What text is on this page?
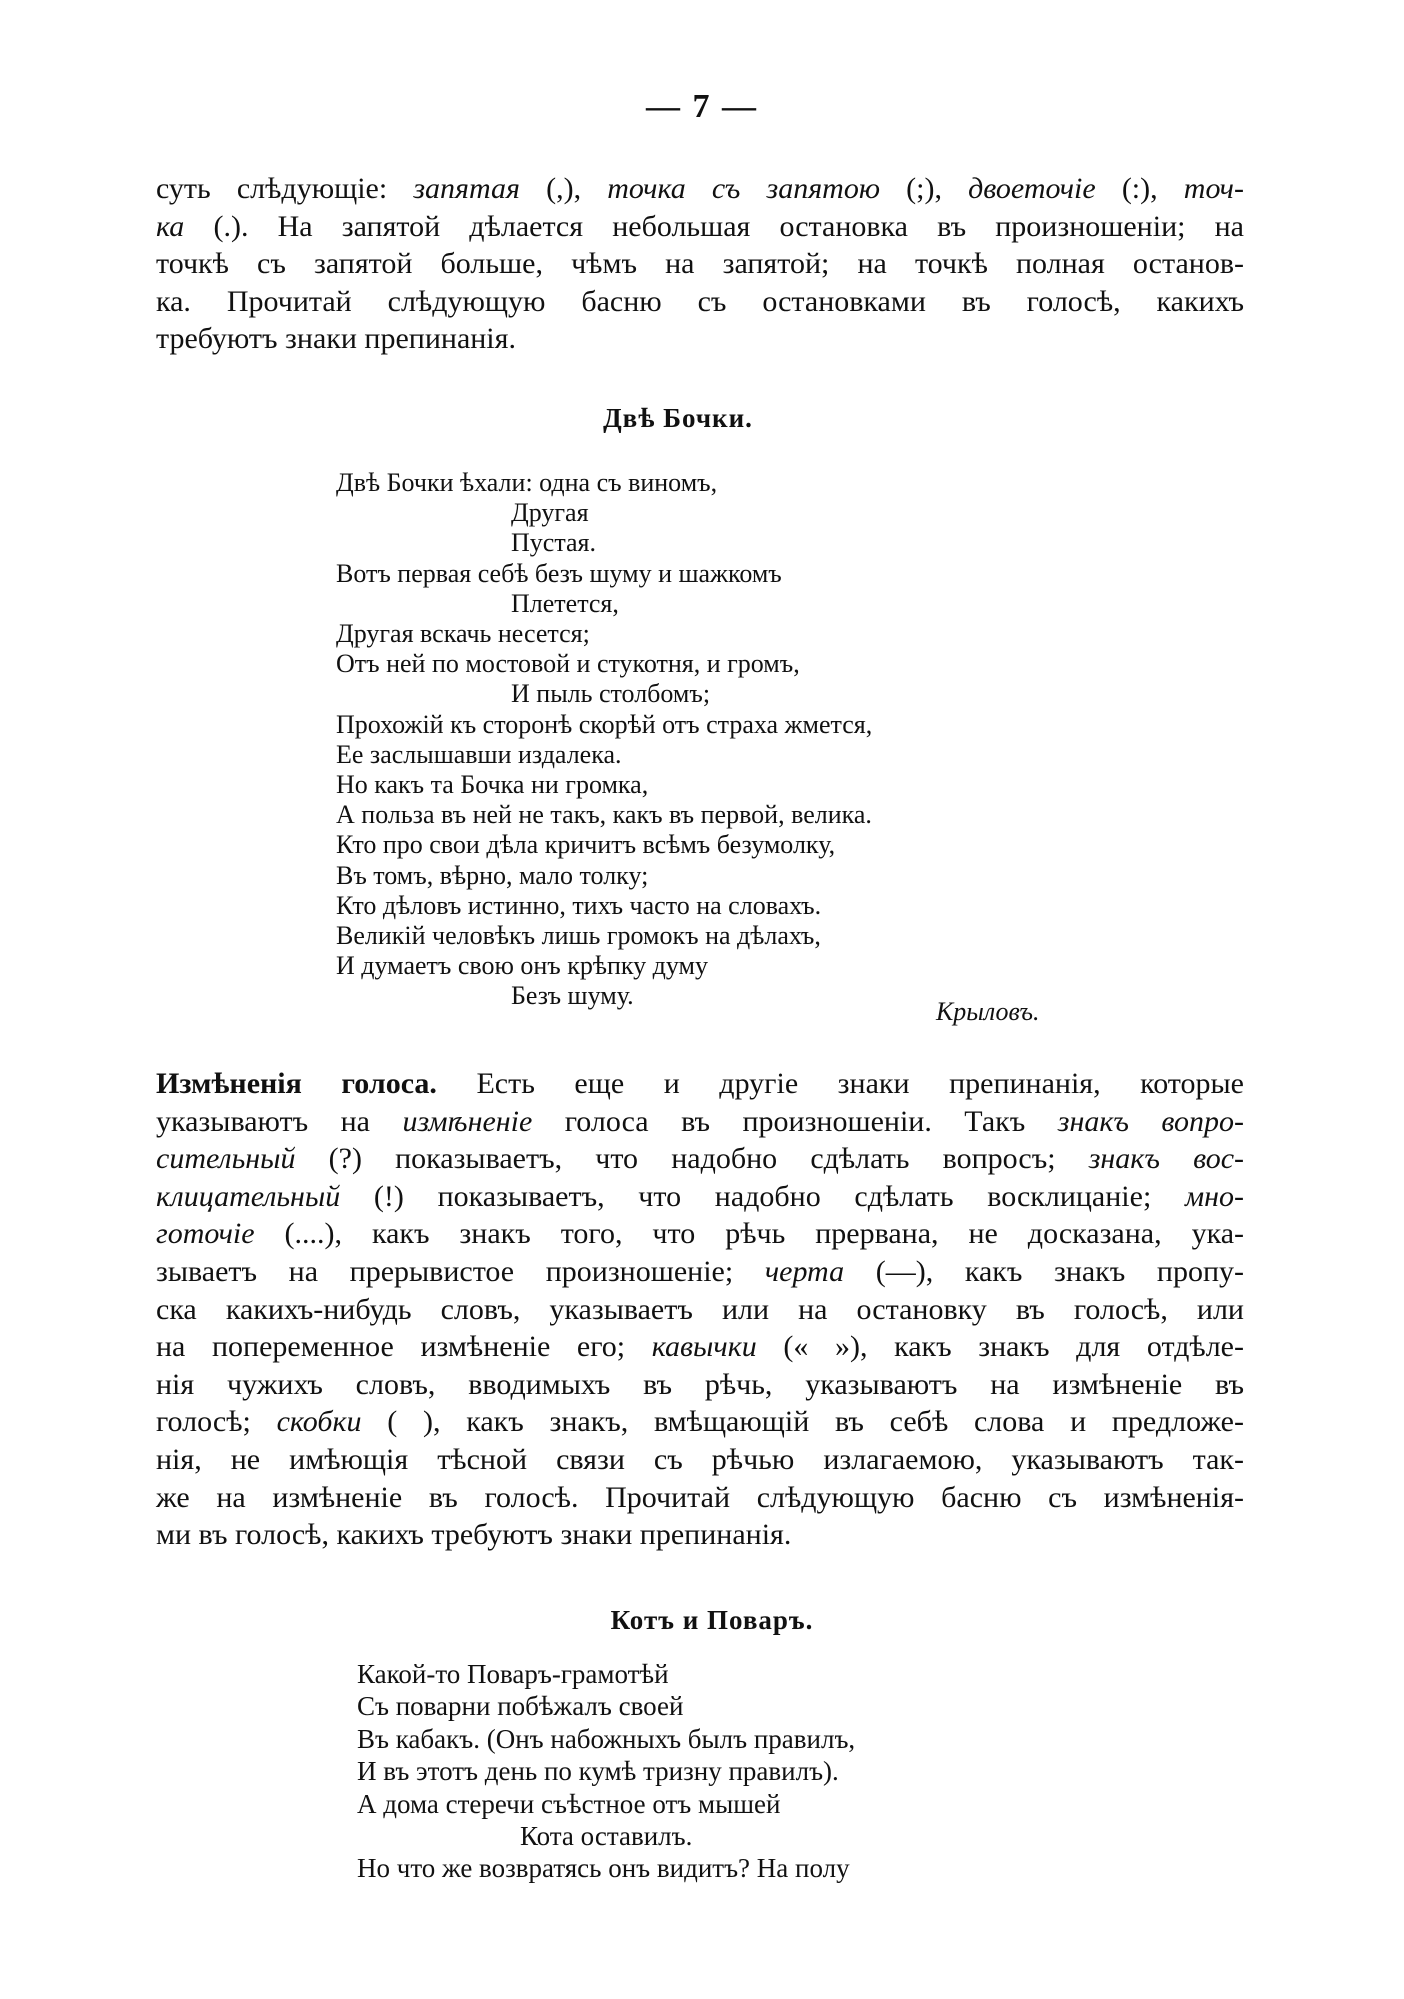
— 7 —
суть слѣдующіе: запятая (,), точка съ запятою (;), двоеточіе (:), точ-
ка (.). На запятой дѣлается небольшая остановка въ произношеніи; на
точкѣ съ запятой больше, чѣмъ на запятой; на точкѣ полная останов-
ка. Прочитай слѣдующую басню съ остановками въ голосѣ, какихъ
требуютъ знаки препинанія.
Двѣ Бочки.
Двѣ Бочки ѣхали: одна съ виномъ,
Другая
Пустая.
Вотъ первая себѣ безъ шуму и шажкомъ
Плетется,
Другая вскачь несется;
Отъ ней по мостовой и стукотня, и громъ,
И пыль столбомъ;
Прохожій къ сторонѣ скорѣй отъ страха жмется,
Ее заслышавши издалека.
Но какъ та Бочка ни громка,
А польза въ ней не такъ, какъ въ первой, велика.
Кто про свои дѣла кричитъ всѣмъ безумолку,
Въ томъ, вѣрно, мало толку;
Кто дѣловъ истинно, тихъ часто на словахъ.
Великій человѣкъ лишь громокъ на дѣлахъ,
И думаетъ свою онъ крѣпку думу
Безъ шуму.
Крыловъ.
Измѣненія голоса. Есть еще и другіе знаки препинанія, которые
указываютъ на измѣненіе голоса въ произношеніи. Такъ знакъ вопро-
сительный (?) показываетъ, что надобно сдѣлать вопросъ; знакъ вос-
клицательный (!) показываетъ, что надобно сдѣлать восклицаніе; мно-
готочіе (....), какъ знакъ того, что рѣчь прервана, не досказана, ука-
зываетъ на прерывистое произношеніе; черта (—), какъ знакъ пропу-
ска какихъ-нибудь словъ, указываетъ или на остановку въ голосѣ, или
на попеременное измѣненіе его; кавычки (« »), какъ знакъ для отдѣле-
нія чужихъ словъ, вводимыхъ въ рѣчь, указываютъ на измѣненіе въ
голосѣ; скобки ( ), какъ знакъ, вмѣщающій въ себѣ слова и предложе-
нія, не имѣющія тѣсной связи съ рѣчью излагаемою, указываютъ так-
же на измѣненіе въ голосѣ. Прочитай слѣдующую басню съ измѣненія-
ми въ голосѣ, какихъ требуютъ знаки препинанія.
Котъ и Поваръ.
Какой-то Поваръ-грамотѣй
Съ поварни побѣжалъ своей
Въ кабакъ. (Онъ набожныхъ былъ правилъ,
И въ этотъ день по кумѣ тризну правилъ).
А дома стеречи съѣстное отъ мышей
Кота оставилъ.
Но что же возвратясь онъ видитъ? На полу
